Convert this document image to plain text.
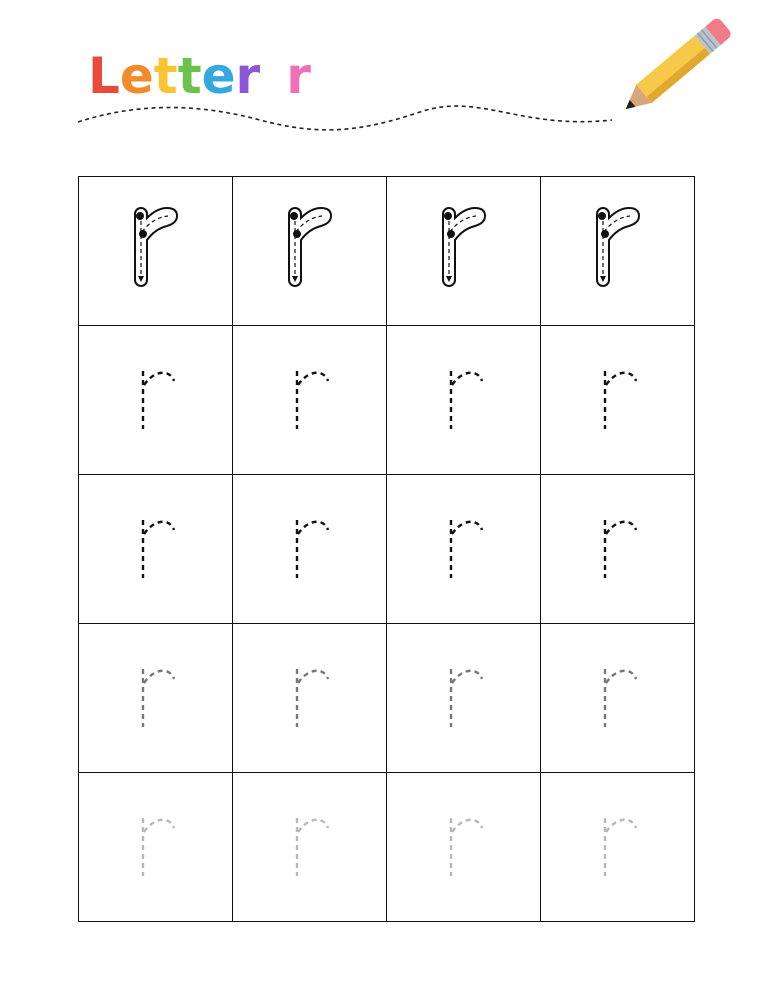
L e t t e r r
